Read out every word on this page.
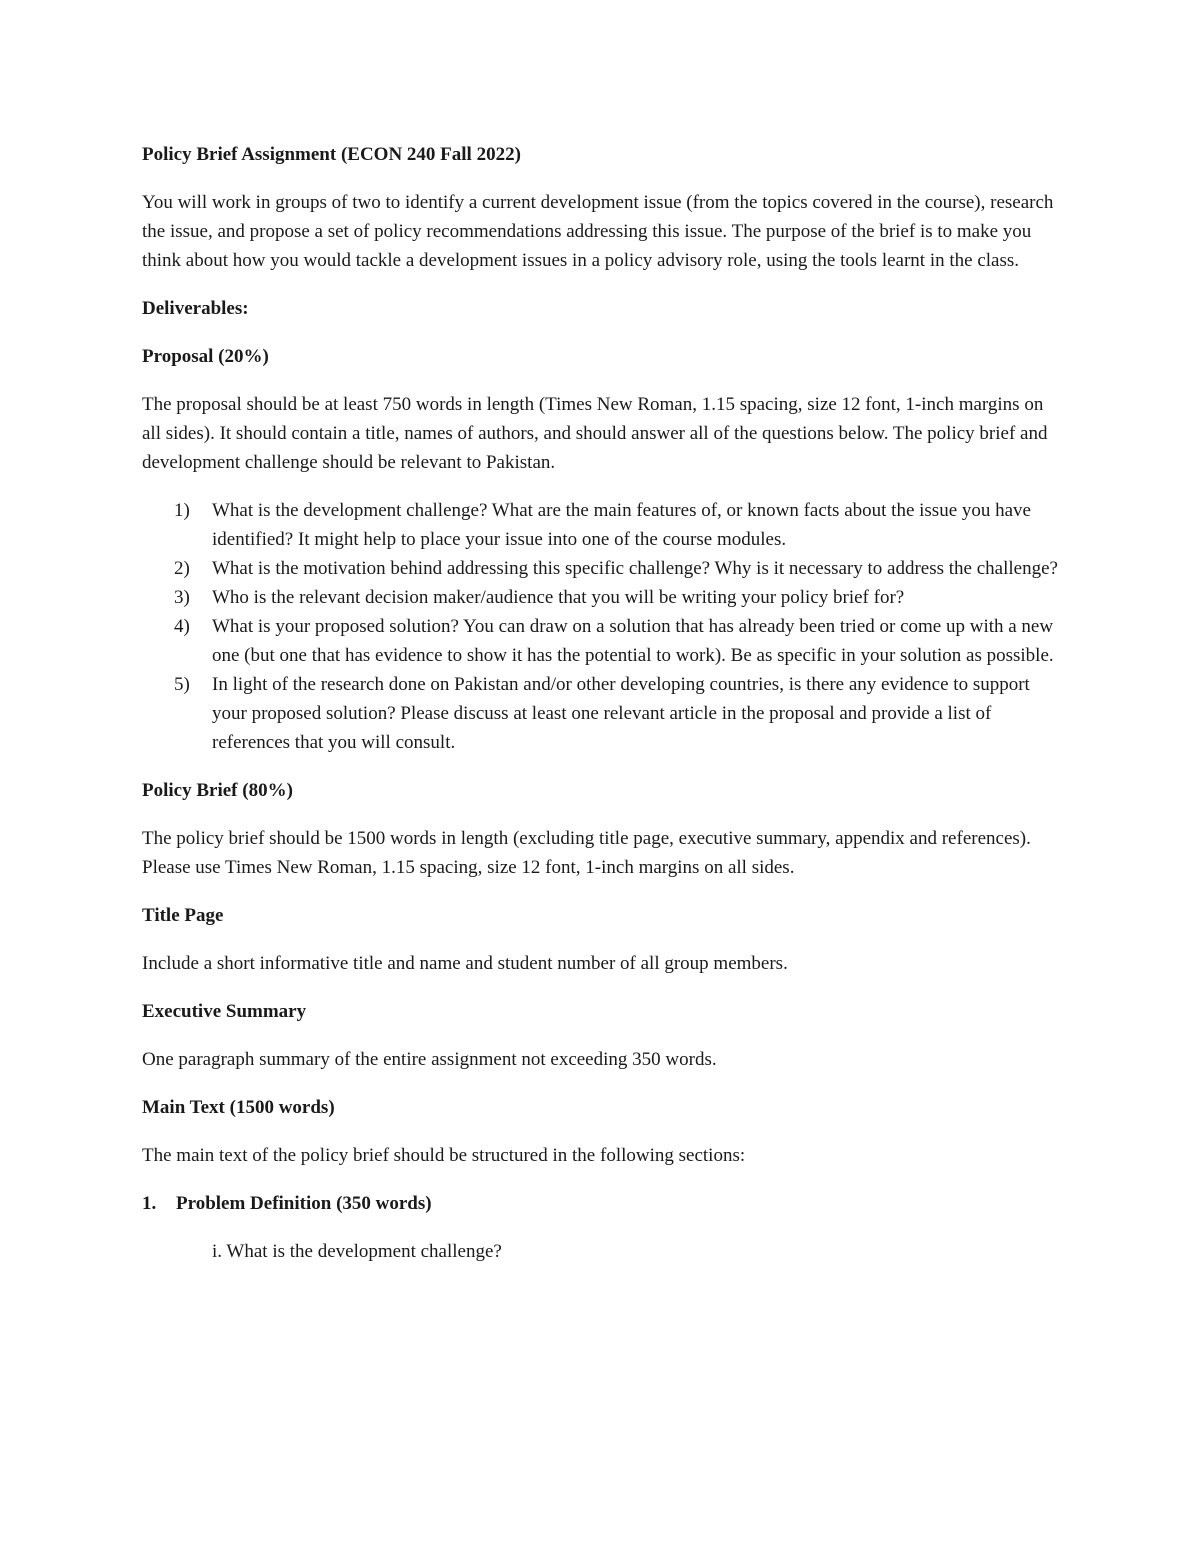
Policy Brief Assignment (ECON 240 Fall 2022)
You will work in groups of two to identify a current development issue (from the topics covered in the course), research the issue, and propose a set of policy recommendations addressing this issue. The purpose of the brief is to make you think about how you would tackle a development issues in a policy advisory role, using the tools learnt in the class.
Deliverables:
Proposal (20%)
The proposal should be at least 750 words in length (Times New Roman, 1.15 spacing, size 12 font, 1-inch margins on all sides). It should contain a title, names of authors, and should answer all of the questions below. The policy brief and development challenge should be relevant to Pakistan.
1) What is the development challenge? What are the main features of, or known facts about the issue you have identified? It might help to place your issue into one of the course modules.
2) What is the motivation behind addressing this specific challenge? Why is it necessary to address the challenge?
3) Who is the relevant decision maker/audience that you will be writing your policy brief for?
4) What is your proposed solution? You can draw on a solution that has already been tried or come up with a new one (but one that has evidence to show it has the potential to work). Be as specific in your solution as possible.
5) In light of the research done on Pakistan and/or other developing countries, is there any evidence to support your proposed solution? Please discuss at least one relevant article in the proposal and provide a list of references that you will consult.
Policy Brief (80%)
The policy brief should be 1500 words in length (excluding title page, executive summary, appendix and references). Please use Times New Roman, 1.15 spacing, size 12 font, 1-inch margins on all sides.
Title Page
Include a short informative title and name and student number of all group members.
Executive Summary
One paragraph summary of the entire assignment not exceeding 350 words.
Main Text (1500 words)
The main text of the policy brief should be structured in the following sections:
1. Problem Definition (350 words)
i. What is the development challenge?
